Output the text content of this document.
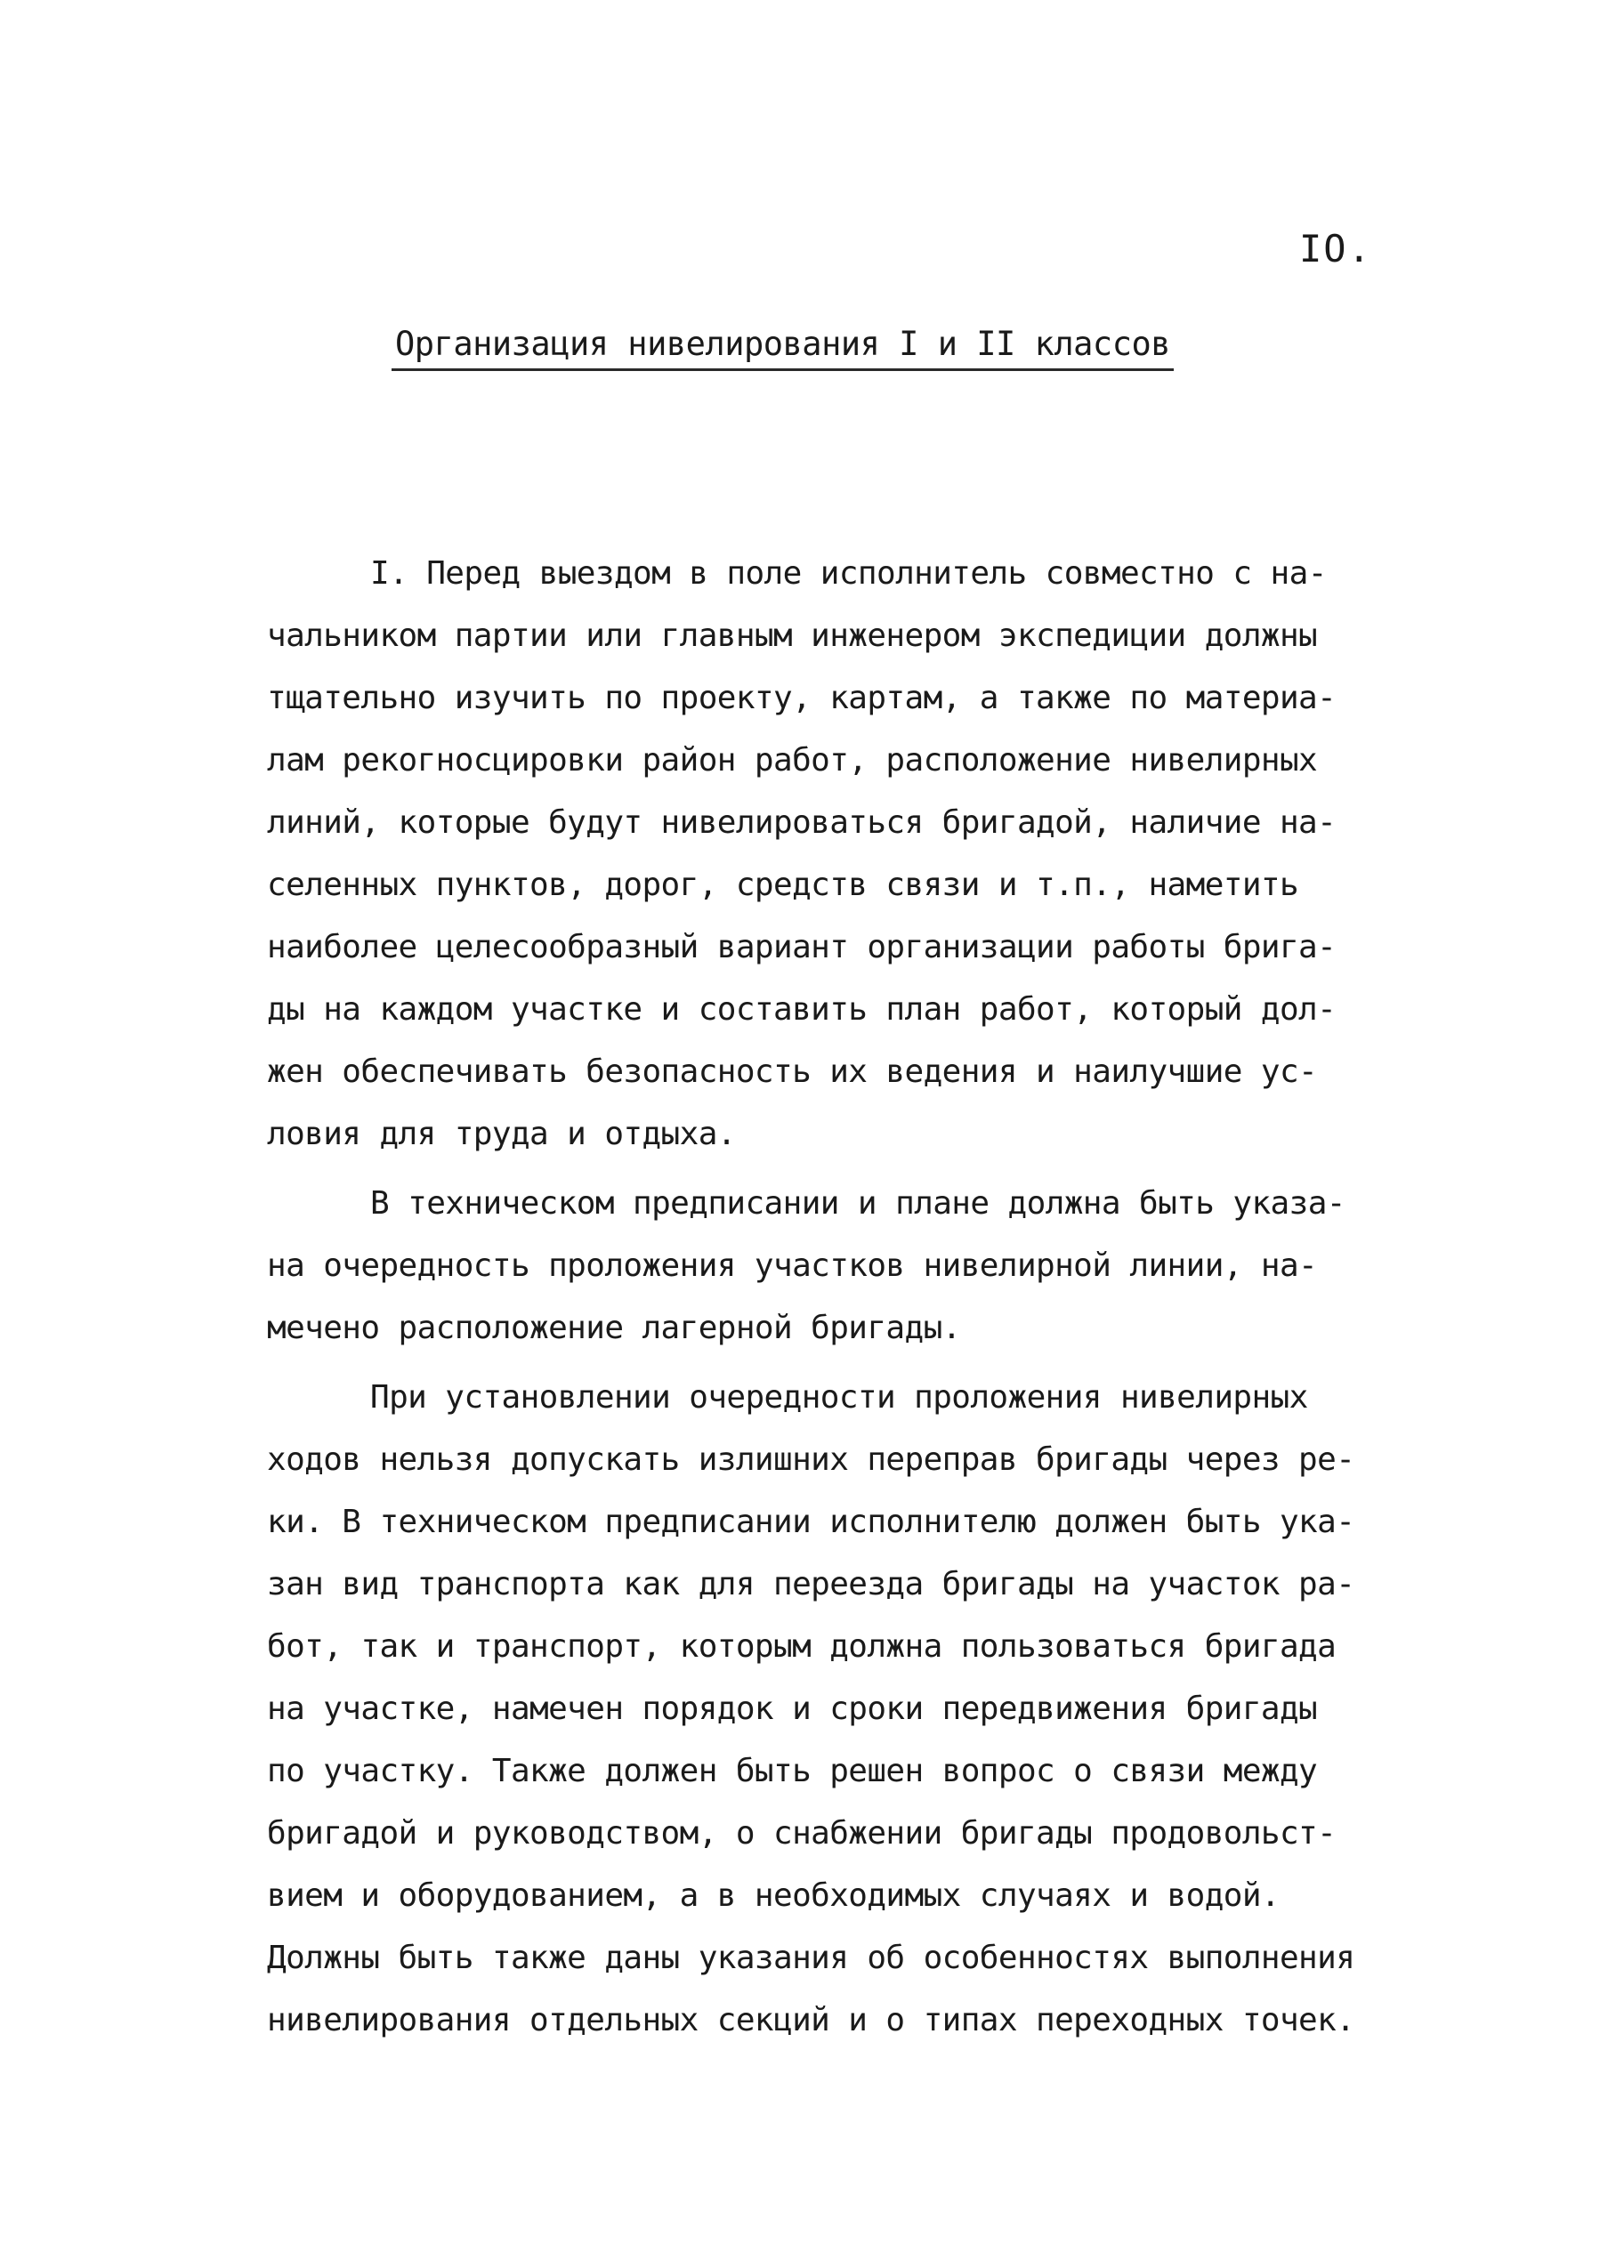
IO.
Организация нивелирования I и II классов
I. Перед выездом в поле исполнитель совместно с на-
чальником партии или главным инженером экспедиции должны
тщательно изучить по проекту, картам, а также по материа-
лам рекогносцировки район работ, расположение нивелирных
линий, которые будут нивелироваться бригадой, наличие на-
селенных пунктов, дорог, средств связи и т.п., наметить
наиболее целесообразный вариант организации работы брига-
ды на каждом участке и составить план работ, который дол-
жен обеспечивать безопасность их ведения и наилучшие ус-
ловия для труда и отдыха.
В техническом предписании и плане должна быть указа-
на очередность проложения участков нивелирной линии, на-
мечено расположение лагерной бригады.
При установлении очередности проложения нивелирных
ходов нельзя допускать излишних переправ бригады через ре-
ки. В техническом предписании исполнителю должен быть ука-
зан вид транспорта как для переезда бригады на участок ра-
бот, так и транспорт, которым должна пользоваться бригада
на участке, намечен порядок и сроки передвижения бригады
по участку. Также должен быть решен вопрос о связи между
бригадой и руководством, о снабжении бригады продовольст-
вием и оборудованием, а в необходимых случаях и водой.
Должны быть также даны указания об особенностях выполнения
нивелирования отдельных секций и о типах переходных точек.
